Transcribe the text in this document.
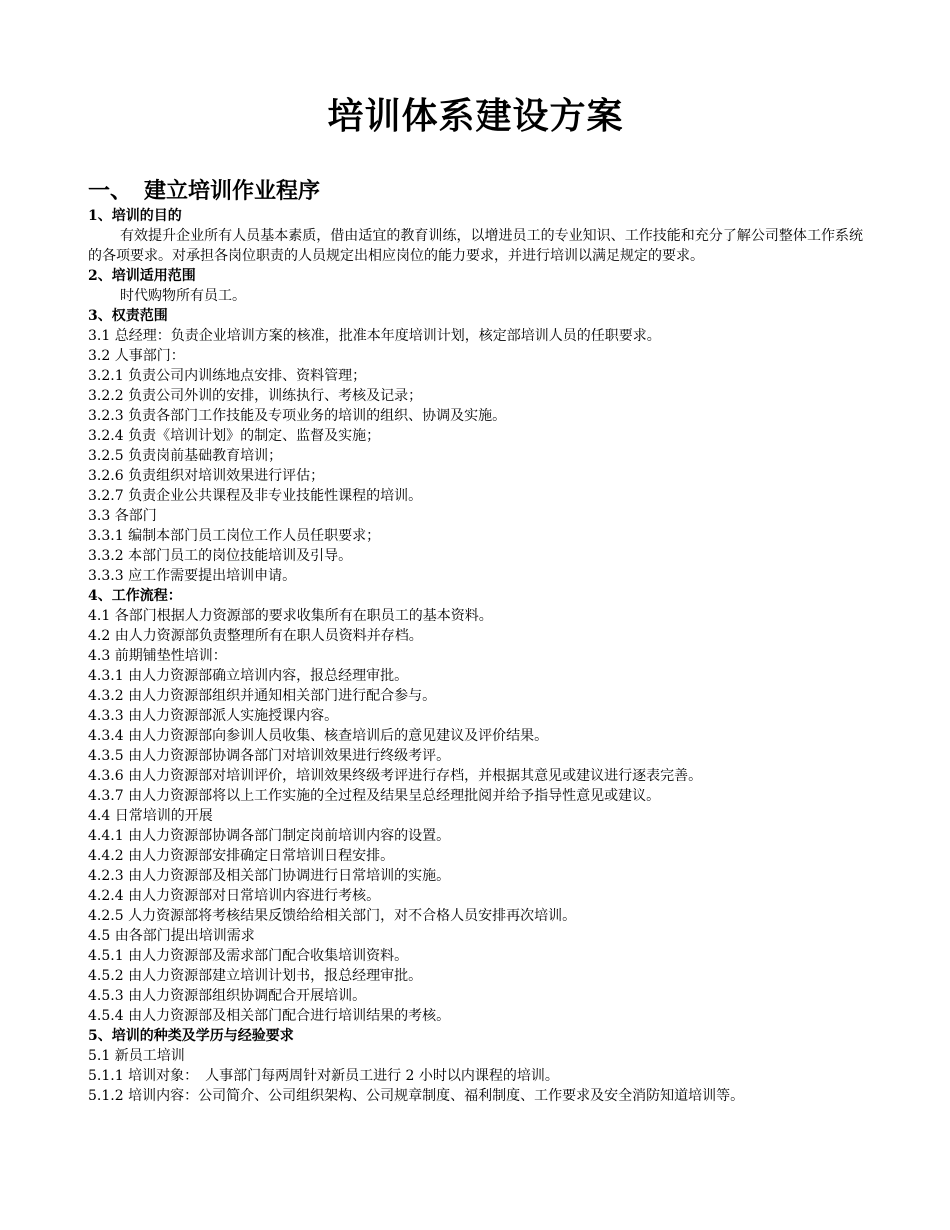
培训体系建设方案
一、 建立培训作业程序
1、培训的目的

有效提升企业所有人员基本素质，借由适宜的教育训练，以增进员工的专业知识、工作技能和充分了解公司整体工作系统的各项要求。对承担各岗位职责的人员规定出相应岗位的能力要求，并进行培训以满足规定的要求。

2、培训适用范围
时代购物所有员工。
3、权责范围
3.1 总经理：负责企业培训方案的核准，批准本年度培训计划，核定部培训人员的任职要求。
3.2 人事部门：
3.2.1 负责公司内训练地点安排、资料管理；
3.2.2 负责公司外训的安排，训练执行、考核及记录；
3.2.3 负责各部门工作技能及专项业务的培训的组织、协调及实施。
3.2.4 负责《培训计划》的制定、监督及实施；
3.2.5 负责岗前基础教育培训；
3.2.6 负责组织对培训效果进行评估；
3.2.7 负责企业公共课程及非专业技能性课程的培训。
3.3 各部门
3.3.1 编制本部门员工岗位工作人员任职要求；
3.3.2 本部门员工的岗位技能培训及引导。
3.3.3 应工作需要提出培训申请。
4、工作流程：
4.1 各部门根据人力资源部的要求收集所有在职员工的基本资料。
4.2 由人力资源部负责整理所有在职人员资料并存档。
4.3 前期铺垫性培训：
4.3.1 由人力资源部确立培训内容，报总经理审批。
4.3.2 由人力资源部组织并通知相关部门进行配合参与。
4.3.3 由人力资源部派人实施授课内容。
4.3.4 由人力资源部向参训人员收集、核查培训后的意见建议及评价结果。
4.3.5 由人力资源部协调各部门对培训效果进行终级考评。
4.3.6 由人力资源部对培训评价，培训效果终级考评进行存档，并根据其意见或建议进行逐表完善。
4.3.7 由人力资源部将以上工作实施的全过程及结果呈总经理批阅并给予指导性意见或建议。
4.4 日常培训的开展
4.4.1 由人力资源部协调各部门制定岗前培训内容的设置。
4.4.2 由人力资源部安排确定日常培训日程安排。
4.2.3 由人力资源部及相关部门协调进行日常培训的实施。
4.2.4 由人力资源部对日常培训内容进行考核。
4.2.5 人力资源部将考核结果反馈给给相关部门，对不合格人员安排再次培训。
4.5 由各部门提出培训需求
4.5.1 由人力资源部及需求部门配合收集培训资料。
4.5.2 由人力资源部建立培训计划书，报总经理审批。
4.5.3 由人力资源部组织协调配合开展培训。
4.5.4 由人力资源部及相关部门配合进行培训结果的考核。
5、培训的种类及学历与经验要求
5.1 新员工培训
5.1.1 培训对象：　人事部门每两周针对新员工进行 2 小时以内课程的培训。
5.1.2 培训内容：公司简介、公司组织架构、公司规章制度、福利制度、工作要求及安全消防知道培训等。
